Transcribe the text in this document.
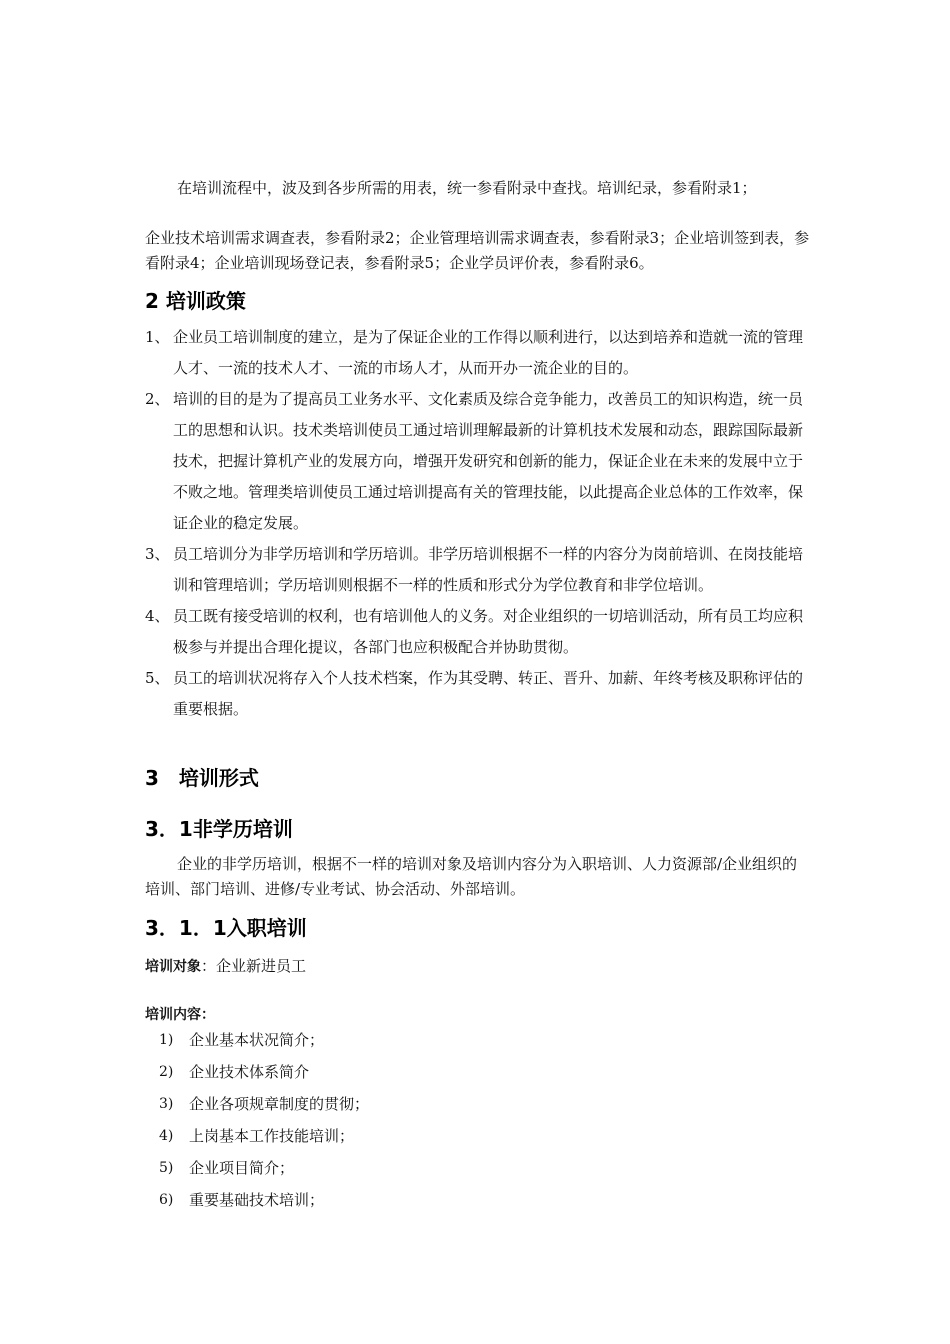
在培训流程中，波及到各步所需的用表，统一参看附录中查找。培训纪录，参看附录1；

企业技术培训需求调查表，参看附录2；企业管理培训需求调查表，参看附录3；企业培训签到表，参看附录4；企业培训现场登记表，参看附录5；企业学员评价表，参看附录6。

2 培训政策
1、 企业员工培训制度的建立，是为了保证企业的工作得以顺利进行，以达到培养和造就一流的管理人才、一流的技术人才、一流的市场人才，从而开办一流企业的目的。
2、 培训的目的是为了提高员工业务水平、文化素质及综合竞争能力，改善员工的知识构造，统一员工的思想和认识。技术类培训使员工通过培训理解最新的计算机技术发展和动态，跟踪国际最新技术，把握计算机产业的发展方向，增强开发研究和创新的能力，保证企业在未来的发展中立于不败之地。管理类培训使员工通过培训提高有关的管理技能，以此提高企业总体的工作效率，保证企业的稳定发展。
3、 员工培训分为非学历培训和学历培训。非学历培训根据不一样的内容分为岗前培训、在岗技能培训和管理培训；学历培训则根据不一样的性质和形式分为学位教育和非学位培训。
4、 员工既有接受培训的权利，也有培训他人的义务。对企业组织的一切培训活动，所有员工均应积极参与并提出合理化提议，各部门也应积极配合并协助贯彻。
5、 员工的培训状况将存入个人技术档案，作为其受聘、转正、晋升、加薪、年终考核及职称评估的重要根据。
3　培训形式
3．1非学历培训

企业的非学历培训，根据不一样的培训对象及培训内容分为入职培训、人力资源部/企业组织的培训、部门培训、进修/专业考试、协会活动、外部培训。

3．1．1入职培训
培训对象：企业新进员工
培训内容：
1)	企业基本状况简介；
2)	企业技术体系简介
3)	企业各项规章制度的贯彻；
4)	上岗基本工作技能培训；
5)	企业项目简介；
6)	重要基础技术培训；
